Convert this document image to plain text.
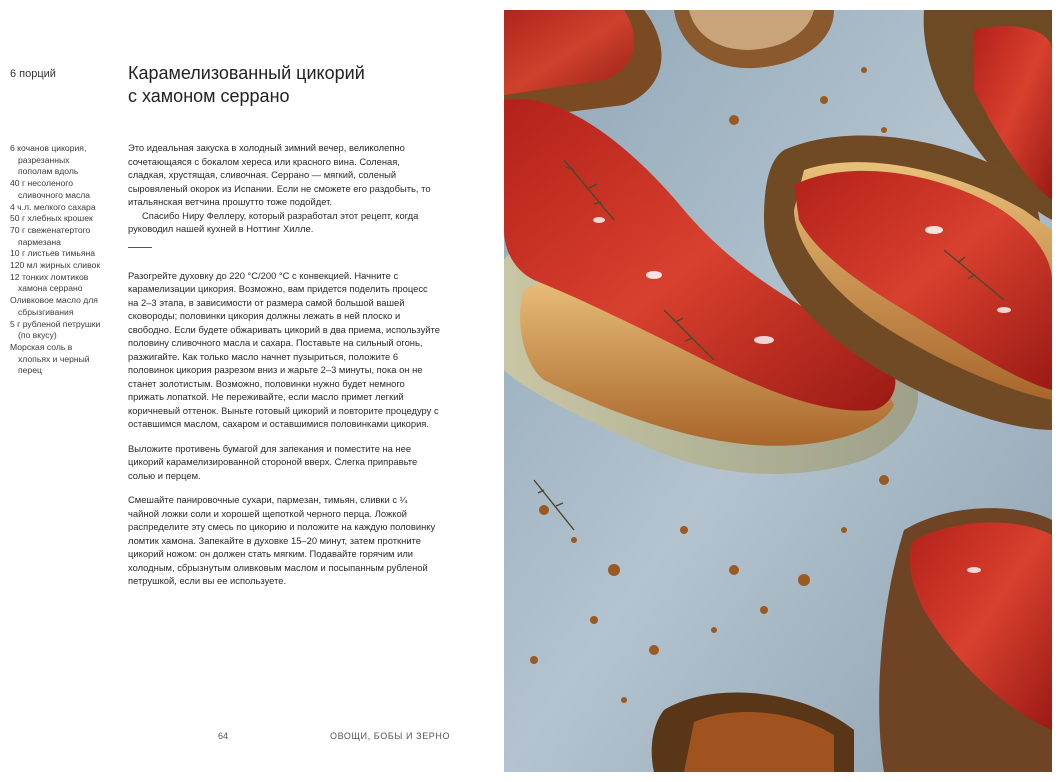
6 порций	Карамелизованный цикорий
с хамоном серрано
6 кочанов цикория, разрезанных пополам вдоль
40 г несоленого сливочного масла
4 ч.л. мелкого сахара
50 г хлебных крошек
70 г свеженатертого пармезана
10 г листьев тимьяна
120 мл жирных сливок
12 тонких ломтиков хамона серрано
Оливковое масло для сбрызгивания
5 г рубленой петрушки (по вкусу)
Морская соль в хлопьях и черный перец

Это идеальная закуска в холодный зимний вечер, великолепно сочетающаяся с бокалом хереса или красного вина. Соленая, сладкая, хрустящая, сливочная. Серрано — мягкий, соленый сыровяленый окорок из Испании. Если не сможете его раздобыть, то итальянская ветчина прошутто тоже подойдет.

Спасибо Ниру Феллеру, который разработал этот рецепт, когда руководил нашей кухней в Ноттинг Хилле.

Разогрейте духовку до 220 °C/200 °C с конвекцией. Начните с карамелизации цикория. Возможно, вам придется поделить процесс на 2–3 этапа, в зависимости от размера самой большой вашей сковороды; половинки цикория должны лежать в ней плоско и свободно. Если будете обжаривать цикорий в два приема, используйте половину сливочного масла и сахара. Поставьте на сильный огонь, разжигайте. Как только масло начнет пузыриться, положите 6 половинок цикория разрезом вниз и жарьте 2–3 минуты, пока он не станет золотистым. Возможно, половинки нужно будет немного прижать лопаткой. Не переживайте, если масло примет легкий коричневый оттенок. Выньте готовый цикорий и повторите процедуру с оставшимся маслом, сахаром и оставшимися половинками цикория.

Выложите противень бумагой для запекания и поместите на нее цикорий карамелизированной стороной вверх. Слегка приправьте солью и перцем.

Смешайте панировочные сухари, пармезан, тимьян, сливки с ¼ чайной ложки соли и хорошей щепоткой черного перца. Ложкой распределите эту смесь по цикорию и положите на каждую половинку ломтик хамона. Запекайте в духовке 15–20 минут, затем проткните цикорий ножом: он должен стать мягким. Подавайте горячим или холодным, сбрызнутым оливковым маслом и посыпанным рубленой петрушкой, если вы ее используете.

64	ОВОЩИ, БОБЫ И ЗЕРНО
